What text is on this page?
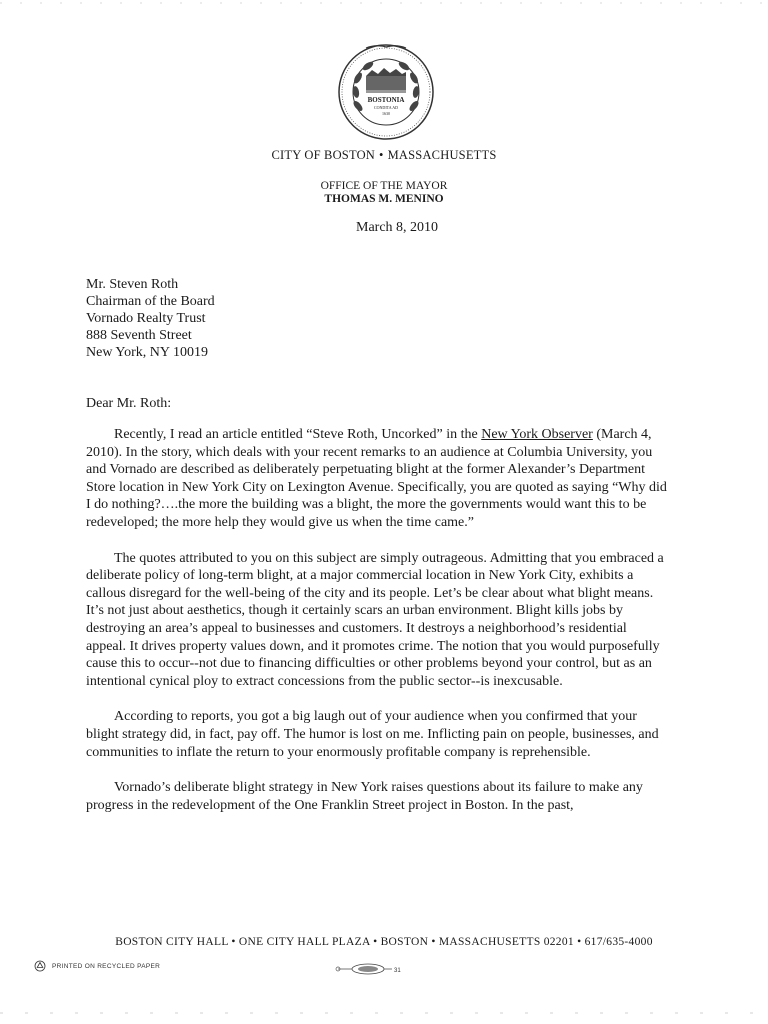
BOSTONIA
CONDITA AD
1630
CITY OF BOSTON • MASSACHUSETTS
OFFICE OF THE MAYOR
THOMAS M. MENINO
March 8, 2010
Mr. Steven Roth
Chairman of the Board
Vornado Realty Trust
888 Seventh Street
New York, NY 10019
Dear Mr. Roth:

Recently, I read an article entitled “Steve Roth, Uncorked” in the New York Observer (March 4, 2010). In the story, which deals with your recent remarks to an audience at Columbia University, you and Vornado are described as deliberately perpetuating blight at the former Alexander’s Department Store location in New York City on Lexington Avenue. Specifically, you are quoted as saying “Why did I do nothing?….the more the building was a blight, the more the governments would want this to be redeveloped; the more help they would give us when the time came.”

The quotes attributed to you on this subject are simply outrageous. Admitting that you embraced a deliberate policy of long-term blight, at a major commercial location in New York City, exhibits a callous disregard for the well-being of the city and its people. Let’s be clear about what blight means. It’s not just about aesthetics, though it certainly scars an urban environment. Blight kills jobs by destroying an area’s appeal to businesses and customers. It destroys a neighborhood’s residential appeal. It drives property values down, and it promotes crime. The notion that you would purposefully cause this to occur--not due to financing difficulties or other problems beyond your control, but as an intentional cynical ploy to extract concessions from the public sector--is inexcusable.

According to reports, you got a big laugh out of your audience when you confirmed that your blight strategy did, in fact, pay off. The humor is lost on me. Inflicting pain on people, businesses, and communities to inflate the return to your enormously profitable company is reprehensible.

Vornado’s deliberate blight strategy in New York raises questions about its failure to make any progress in the redevelopment of the One Franklin Street project in Boston. In the past,

BOSTON CITY HALL • ONE CITY HALL PLAZA • BOSTON • MASSACHUSETTS 02201 • 617/635-4000
PRINTED ON RECYCLED PAPER
31
